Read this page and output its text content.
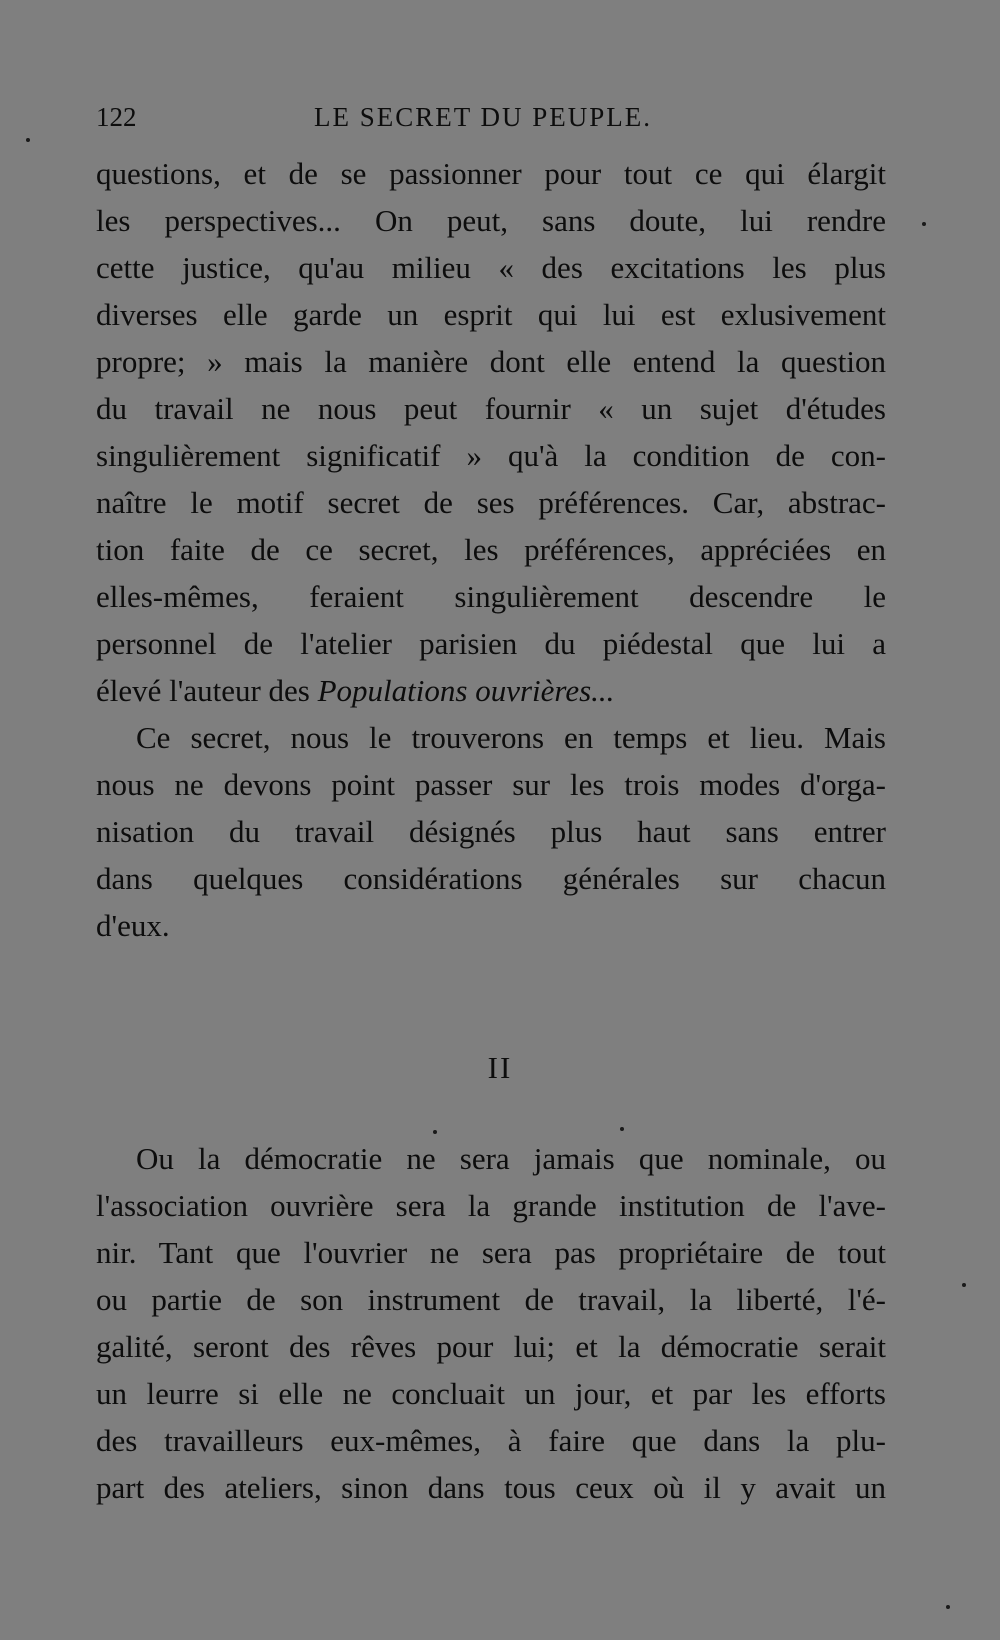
122	LE SECRET DU PEUPLE.
questions, et de se passionner pour tout ce qui élargit
les perspectives... On peut, sans doute, lui rendre
cette justice, qu'au milieu « des excitations les plus
diverses elle garde un esprit qui lui est exlusivement
propre; » mais la manière dont elle entend la question
du travail ne nous peut fournir « un sujet d'études
singulièrement significatif » qu'à la condition de con-
naître le motif secret de ses préférences. Car, abstrac-
tion faite de ce secret, les préférences, appréciées en
elles-mêmes, feraient singulièrement descendre le
personnel de l'atelier parisien du piédestal que lui a
élevé l'auteur des Populations ouvrières...
Ce secret, nous le trouverons en temps et lieu. Mais
nous ne devons point passer sur les trois modes d'orga-
nisation du travail désignés plus haut sans entrer
dans quelques considérations générales sur chacun
d'eux.
II
Ou la démocratie ne sera jamais que nominale, ou
l'association ouvrière sera la grande institution de l'ave-
nir. Tant que l'ouvrier ne sera pas propriétaire de tout
ou partie de son instrument de travail, la liberté, l'é-
galité, seront des rêves pour lui; et la démocratie serait
un leurre si elle ne concluait un jour, et par les efforts
des travailleurs eux-mêmes, à faire que dans la plu-
part des ateliers, sinon dans tous ceux où il y avait un
